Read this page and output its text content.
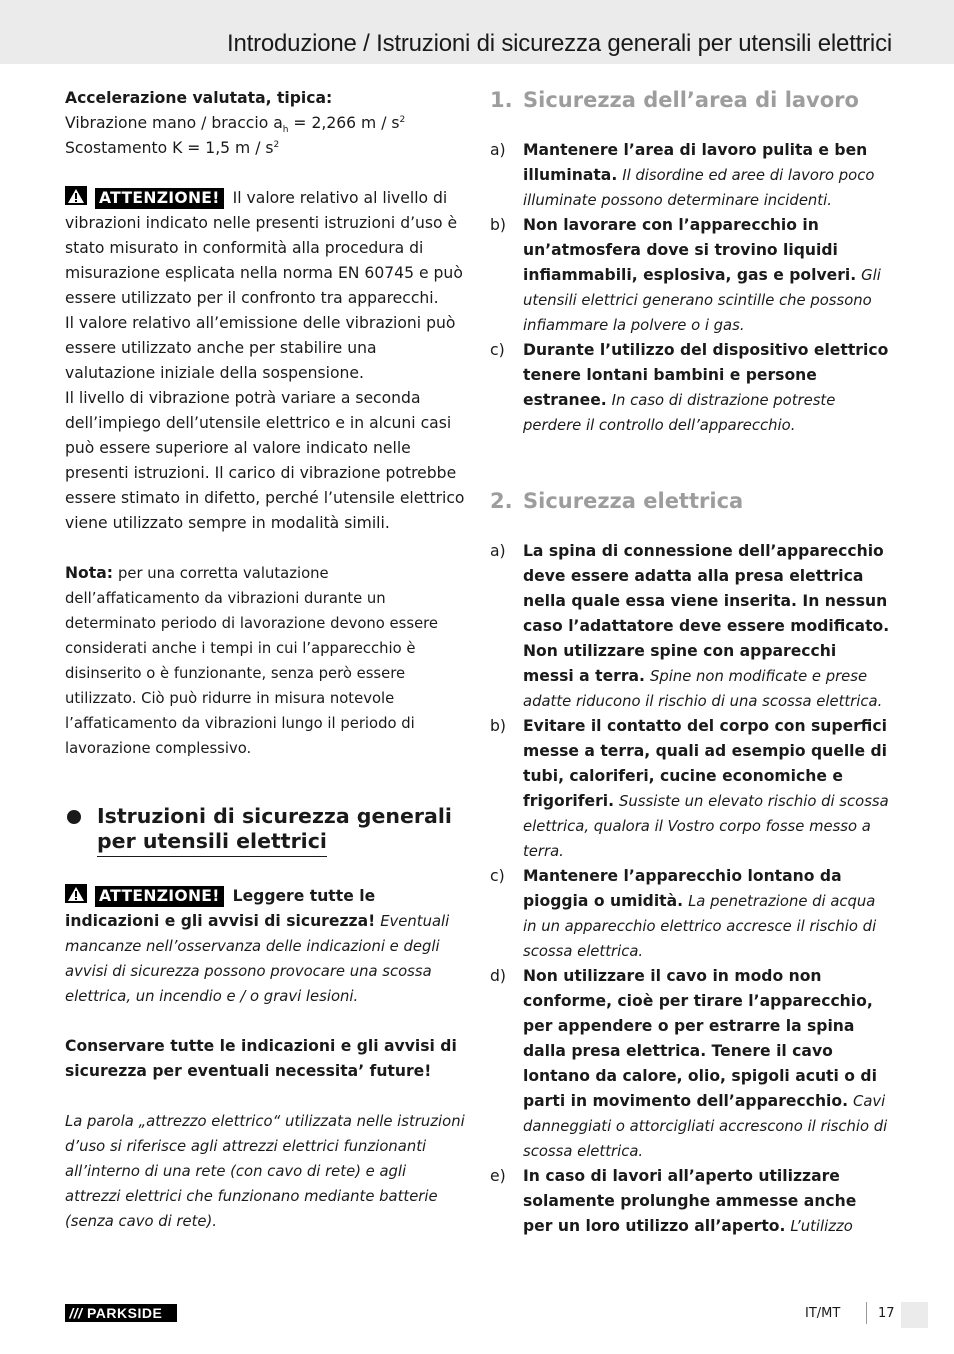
Introduzione / Istruzioni di sicurezza generali per utensili elettrici

Accelerazione valutata, tipica:

Vibrazione mano / braccio $a_h = 2,266$ m / $s^2$

Scostamento K = 1,5 m / $s^2$

ATTENZIONE! Il valore relativo al livello di vibrazioni indicato nelle presenti istruzioni d’uso è stato misurato in conformità alla procedura di misurazione esplicata nella norma EN 60745 e può essere utilizzato per il confronto tra apparecchi.

Il valore relativo all’emissione delle vibrazioni può essere utilizzato anche per stabilire una valutazione iniziale della sospensione.

Il livello di vibrazione potrà variare a seconda dell’impiego dell’utensile elettrico e in alcuni casi può essere superiore al valore indicato nelle presenti istruzioni. Il carico di vibrazione potrebbe essere stimato in difetto, perché l’utensile elettrico viene utilizzato sempre in modalità simili.

Nota: per una corretta valutazione dell’affaticamento da vibrazioni durante un determinato periodo di lavorazione devono essere considerati anche i tempi in cui l’apparecchio è disinserito o è funzionante, senza però essere utilizzato. Ciò può ridurre in misura notevole l’affaticamento da vibrazioni lungo il periodo di lavorazione complessivo.

Istruzioni di sicurezza generali
per utensili elettrici

ATTENZIONE! Leggere tutte le indicazioni e gli avvisi di sicurezza! Eventuali mancanze nell’osservanza delle indicazioni e degli avvisi di sicurezza possono provocare una scossa elettrica, un incendio e / o gravi lesioni.

Conservare tutte le indicazioni e gli avvisi di sicurezza per eventuali necessita’ future!

La parola „attrezzo elettrico“ utilizzata nelle istruzioni d’uso si riferisce agli attrezzi elettrici funzionanti all’interno di una rete (con cavo di rete) e agli attrezzi elettrici che funzionano mediante batterie (senza cavo di rete).

1. Sicurezza dell’area di lavoro

a) Mantenere l’area di lavoro pulita e ben illuminata. Il disordine ed aree di lavoro poco illuminate possono determinare incidenti.
b) Non lavorare con l’apparecchio in un’atmosfera dove si trovino liquidi infiammabili, esplosiva, gas e polveri. Gli utensili elettrici generano scintille che possono infiammare la polvere o i gas.
c) Durante l’utilizzo del dispositivo elettrico tenere lontani bambini e persone estranee. In caso di distrazione potreste perdere il controllo dell’apparecchio.

2. Sicurezza elettrica

a) La spina di connessione dell’apparecchio deve essere adatta alla presa elettrica nella quale essa viene inserita. In nessun caso l’adattatore deve essere modificato. Non utilizzare spine con apparecchi messi a terra. Spine non modificate e prese adatte riducono il rischio di una scossa elettrica.
b) Evitare il contatto del corpo con superfici messe a terra, quali ad esempio quelle di tubi, caloriferi, cucine economiche e frigoriferi. Sussiste un elevato rischio di scossa elettrica, qualora il Vostro corpo fosse messo a terra.
c) Mantenere l’apparecchio lontano da pioggia o umidità. La penetrazione di acqua in un apparecchio elettrico accresce il rischio di scossa elettrica.
d) Non utilizzare il cavo in modo non conforme, cioè per tirare l’apparecchio, per appendere o per estrarre la spina dalla presa elettrica. Tenere il cavo lontano da calore, olio, spigoli acuti o di parti in movimento dell’apparecchio. Cavi danneggiati o attorcigliati accrescono il rischio di scossa elettrica.
e) In caso di lavori all’aperto utilizzare solamente prolunghe ammesse anche per un loro utilizzo all’aperto. L’utilizzo
/// PARKSIDE	IT/MT	17
